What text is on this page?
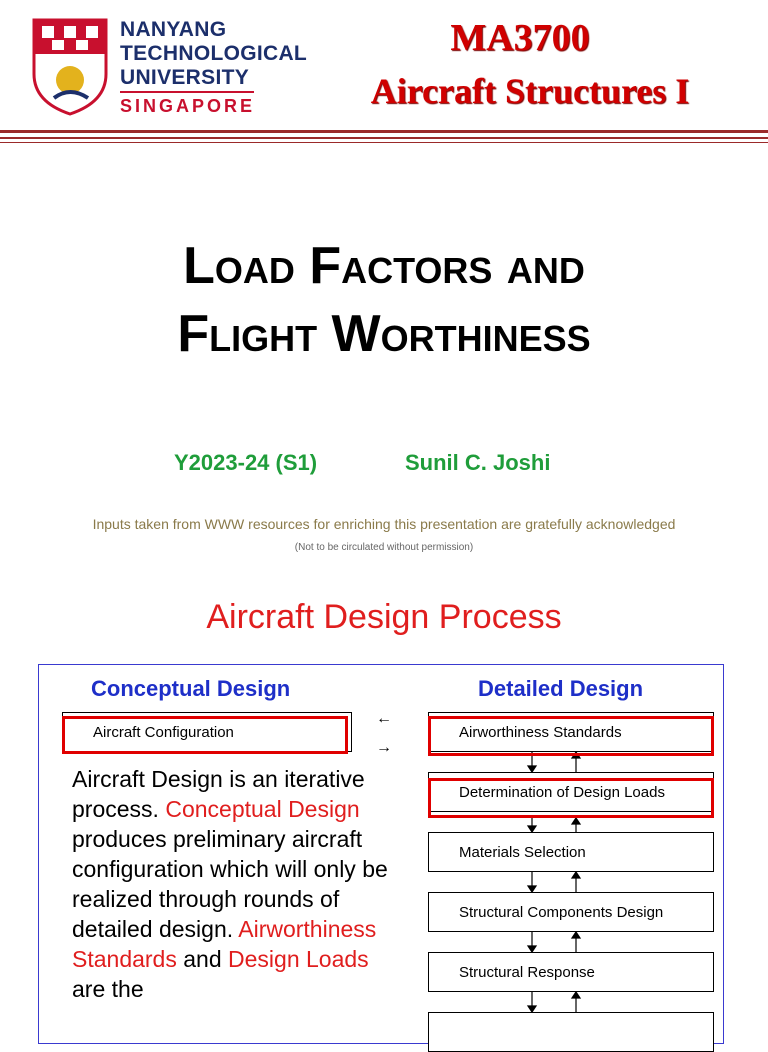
NANYANG
TECHNOLOGICAL
UNIVERSITY
SINGAPORE
MA3700
Aircraft Structures I
Load Factors and
Flight Worthiness
Y2023-24 (S1)	Sunil C. Joshi
Inputs taken from WWW resources for enriching this presentation are gratefully acknowledged
(Not to be circulated without permission)
Aircraft Design Process
Conceptual Design	Detailed Design
Aircraft Configuration
←
→
Aircraft Design is an iterative process. Conceptual Design produces preliminary aircraft configuration which will only be realized through rounds of detailed design. Airworthiness Standards and Design Loads are the
Airworthiness Standards
Determination of Design Loads
Materials Selection
Structural Components Design
Structural Response
